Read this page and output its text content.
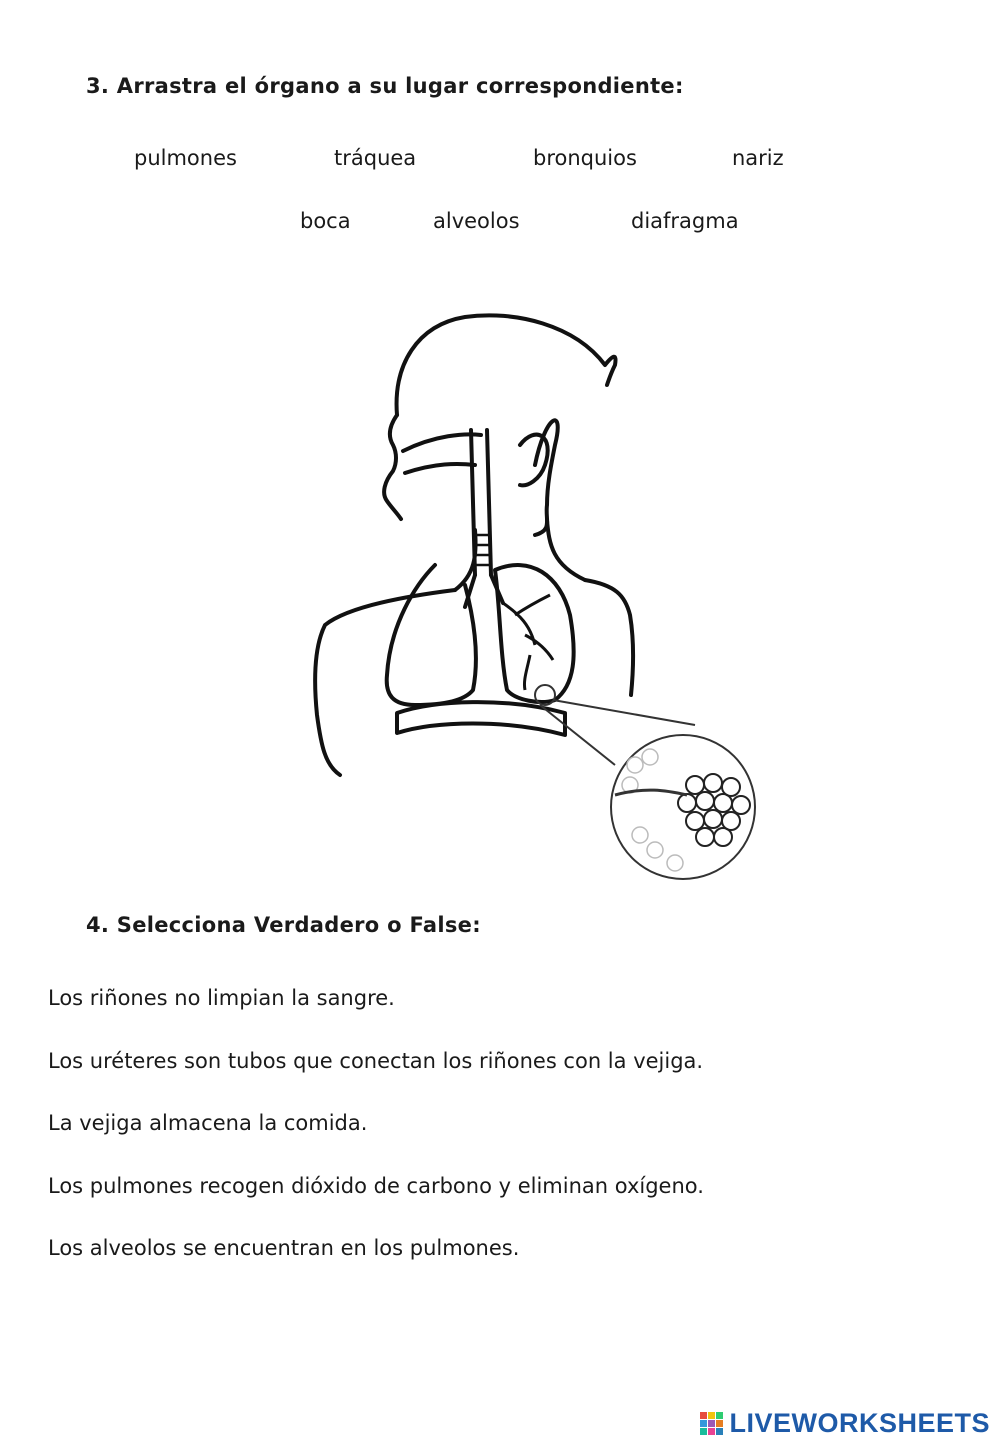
3. Arrastra el órgano a su lugar correspondiente:
pulmones	tráquea	bronquios	nariz
boca	alveolos	diafragma
4. Selecciona Verdadero o False:
Los riñones no limpian la sangre.
Los uréteres son tubos que conectan los riñones con la vejiga.
La vejiga almacena la comida.
Los pulmones recogen dióxido de carbono y eliminan oxígeno.
Los alveolos se encuentran en los pulmones.
LIVEWORKSHEETS
